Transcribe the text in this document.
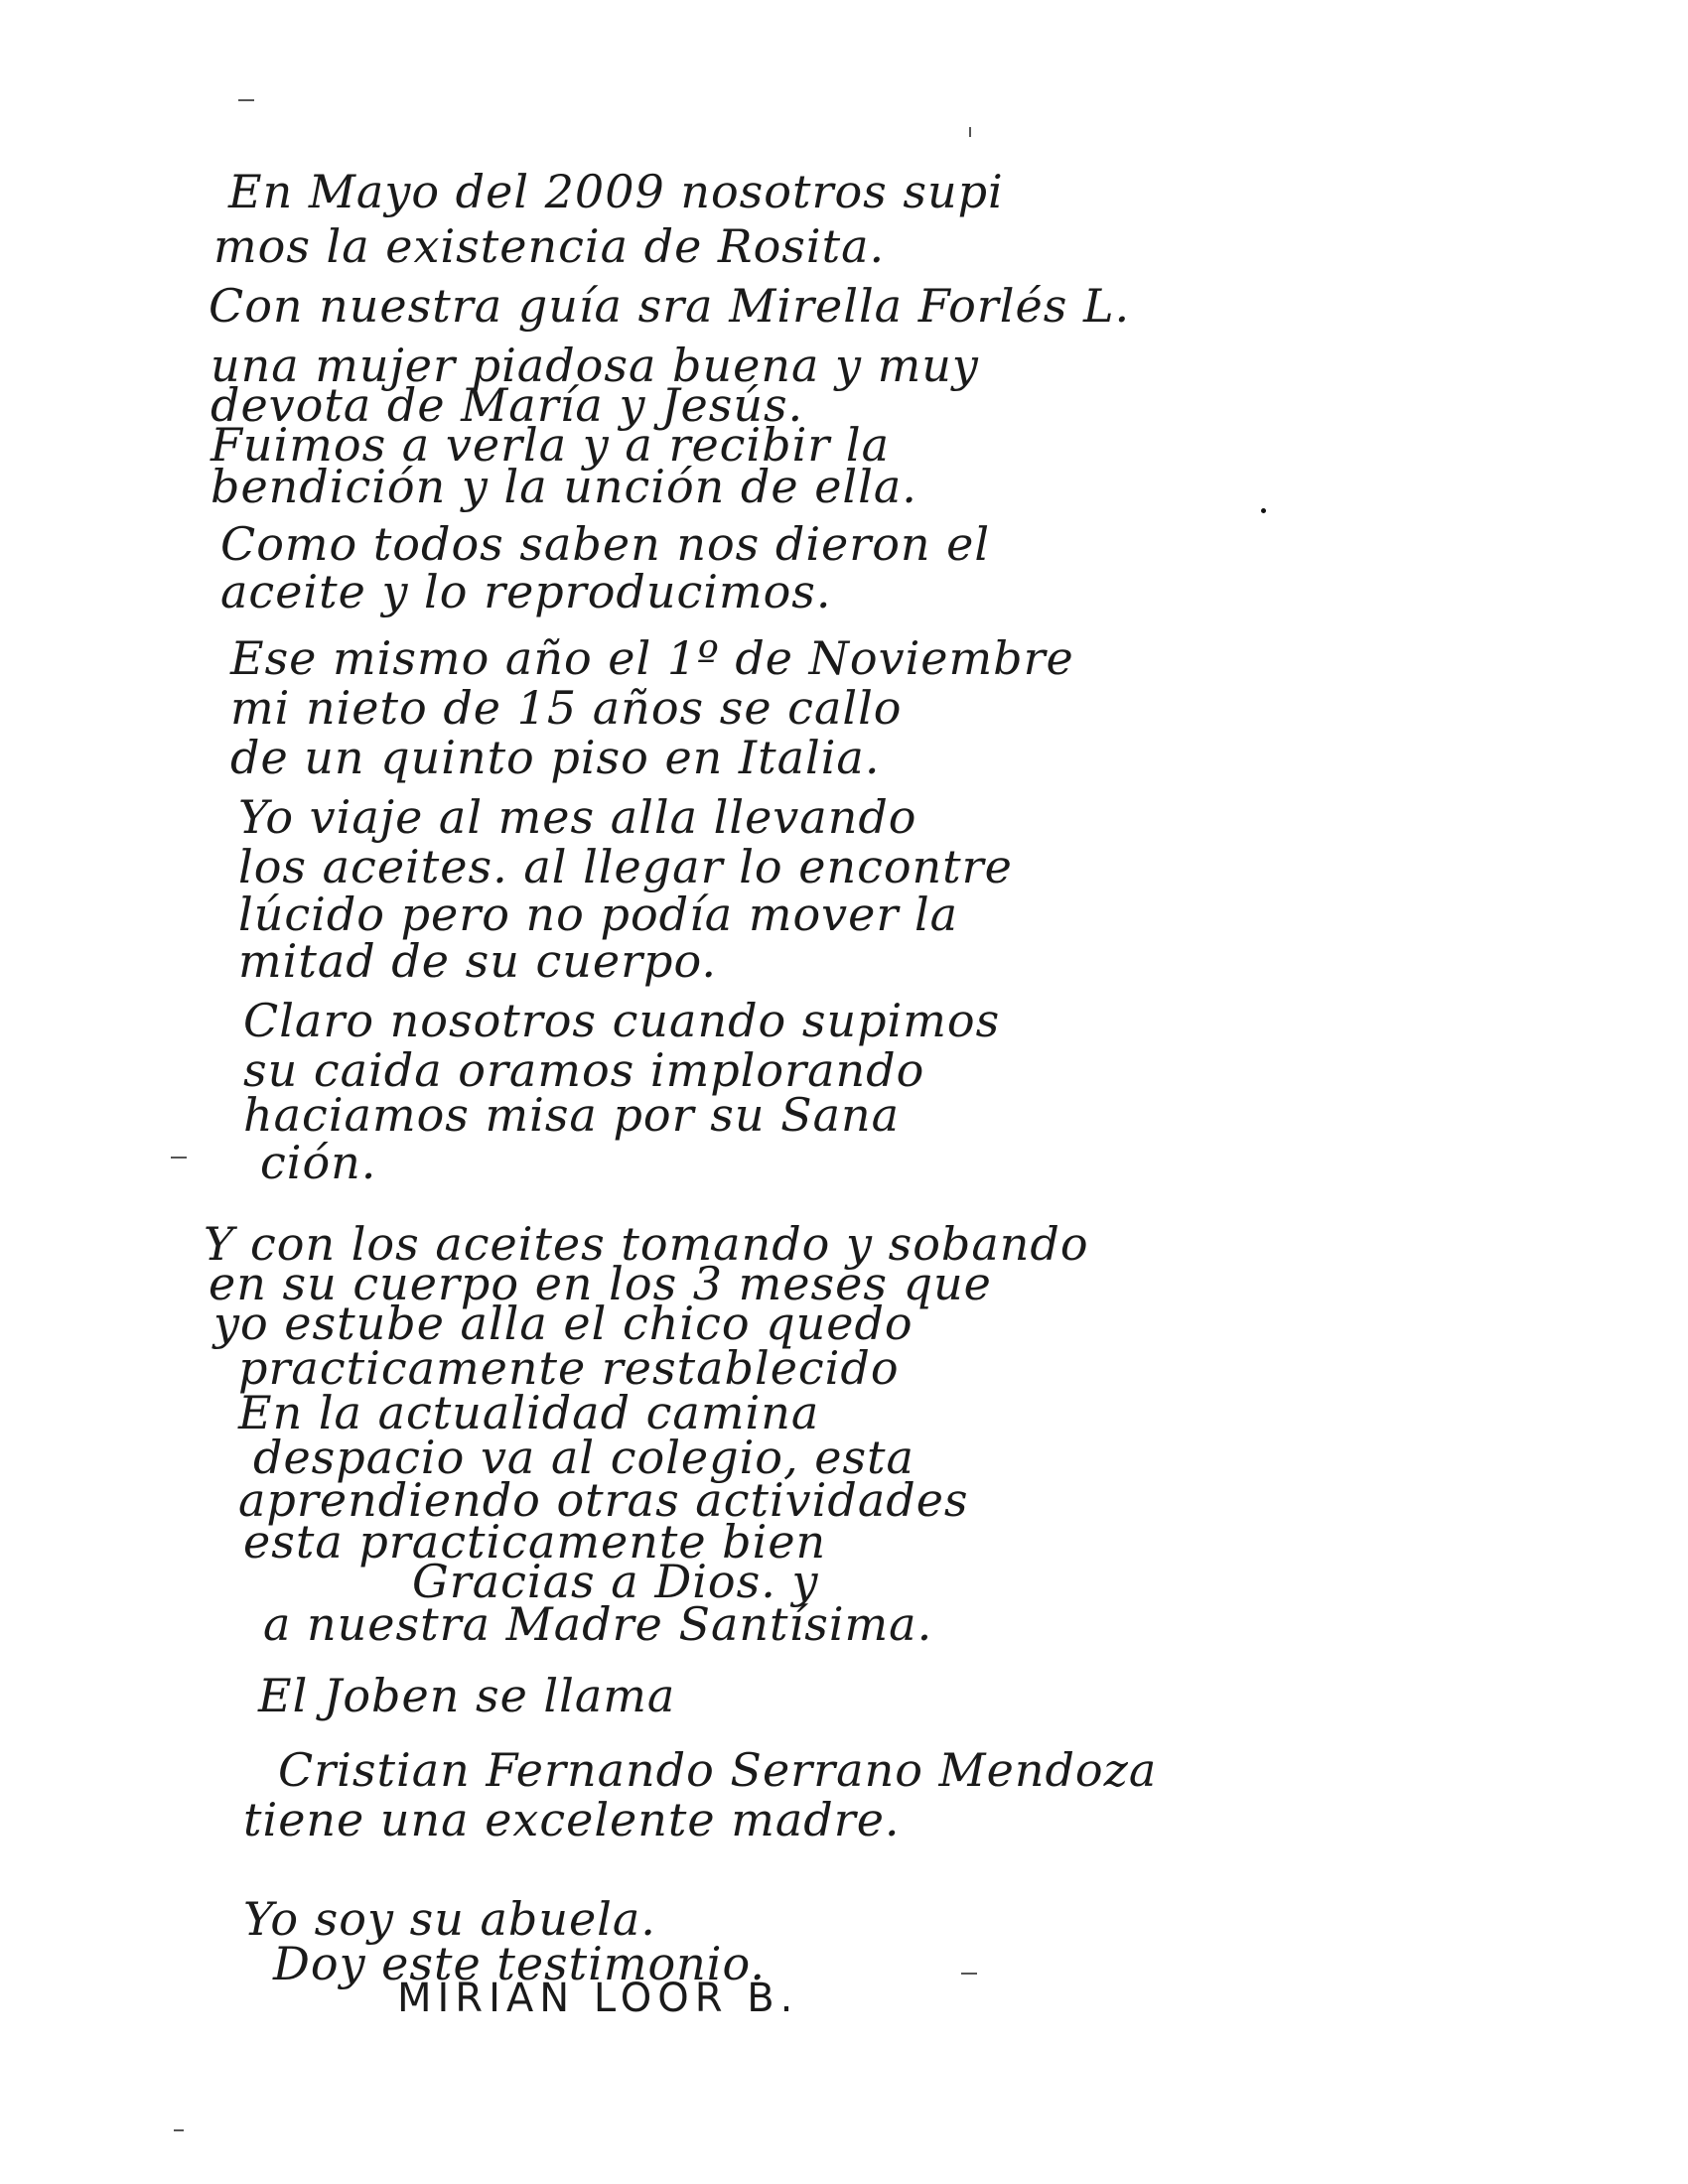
En Mayo del 2009 nosotros supi

mos la existencia de Rosita.

Con nuestra guía sra Mirella Forlés L.

una mujer piadosa buena y muy

devota de María y Jesús.

Fuimos a verla y a recibir la

bendición y la unción de ella.

Como todos saben nos dieron el

aceite y lo reproducimos.

Ese mismo año el 1º de Noviembre

mi nieto de 15 años se callo

de un quinto piso en Italia.

Yo viaje al mes alla llevando

los aceites. al llegar lo encontre

lúcido pero no podía mover la

mitad de su cuerpo.

Claro nosotros cuando supimos

su caida oramos implorando

haciamos misa por su Sana

ción.

Y con los aceites tomando y sobando

en su cuerpo en los 3 meses que

yo estube alla el chico quedo

practicamente restablecido

En la actualidad camina

despacio va al colegio, esta

aprendiendo otras actividades

esta practicamente bien

Gracias a Dios. y

a nuestra Madre Santísima.

El Joben se llama

Cristian Fernando Serrano Mendoza

tiene una excelente madre.

Yo soy su abuela.

Doy este testimonio.

MIRIAN LOOR B.
